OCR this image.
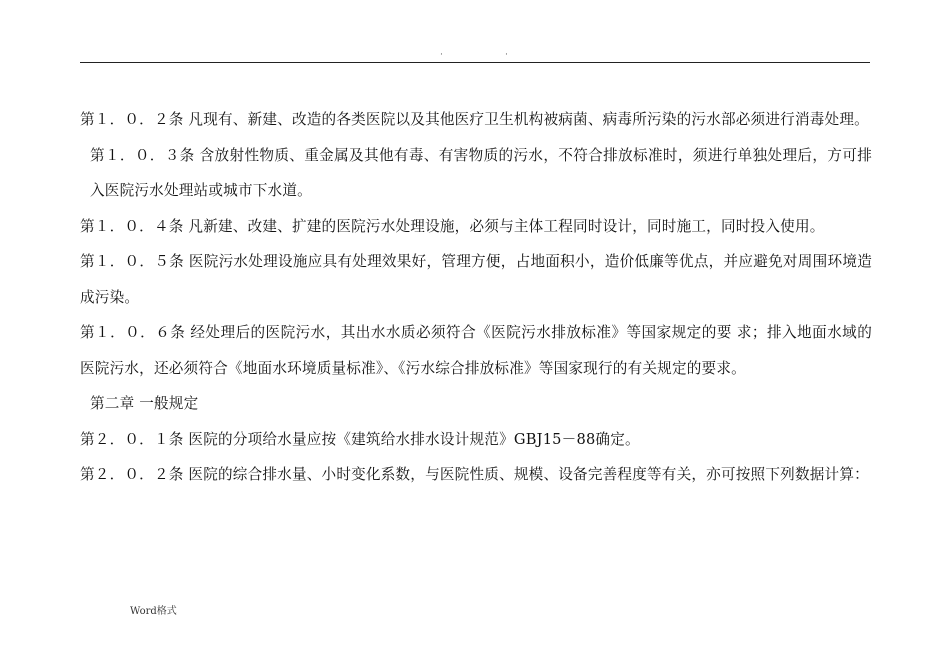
·	·

第１．０．２条 凡现有、新建、改造的各类医院以及其他医疗卫生机构被病菌、病毒所污染的污水部必须进行消毒处理。

第１．０．３条 含放射性物质、重金属及其他有毒、有害物质的污水，不符合排放标准时，须进行单独处理后，方可排入医院污水处理站或城市下水道。

第１．０．４条 凡新建、改建、扩建的医院污水处理设施，必须与主体工程同时设计，同时施工，同时投入使用。

第１．０．５条 医院污水处理设施应具有处理效果好，管理方便，占地面积小，造价低廉等优点，并应避免对周围环境造成污染。

第１．０．６条 经处理后的医院污水，其出水水质必须符合《医院污水排放标准》等国家规定的要 求；排入地面水域的医院污水，还必须符合《地面水环境质量标准》、《污水综合排放标准》等国家现行的有关规定的要求。

第二章 一般规定

第２．０．１条 医院的分项给水量应按《建筑给水排水设计规范》GBJ15－88确定。

第２．０．２条 医院的综合排水量、小时变化系数，与医院性质、规模、设备完善程度等有关，亦可按照下列数据计算：

Word格式
